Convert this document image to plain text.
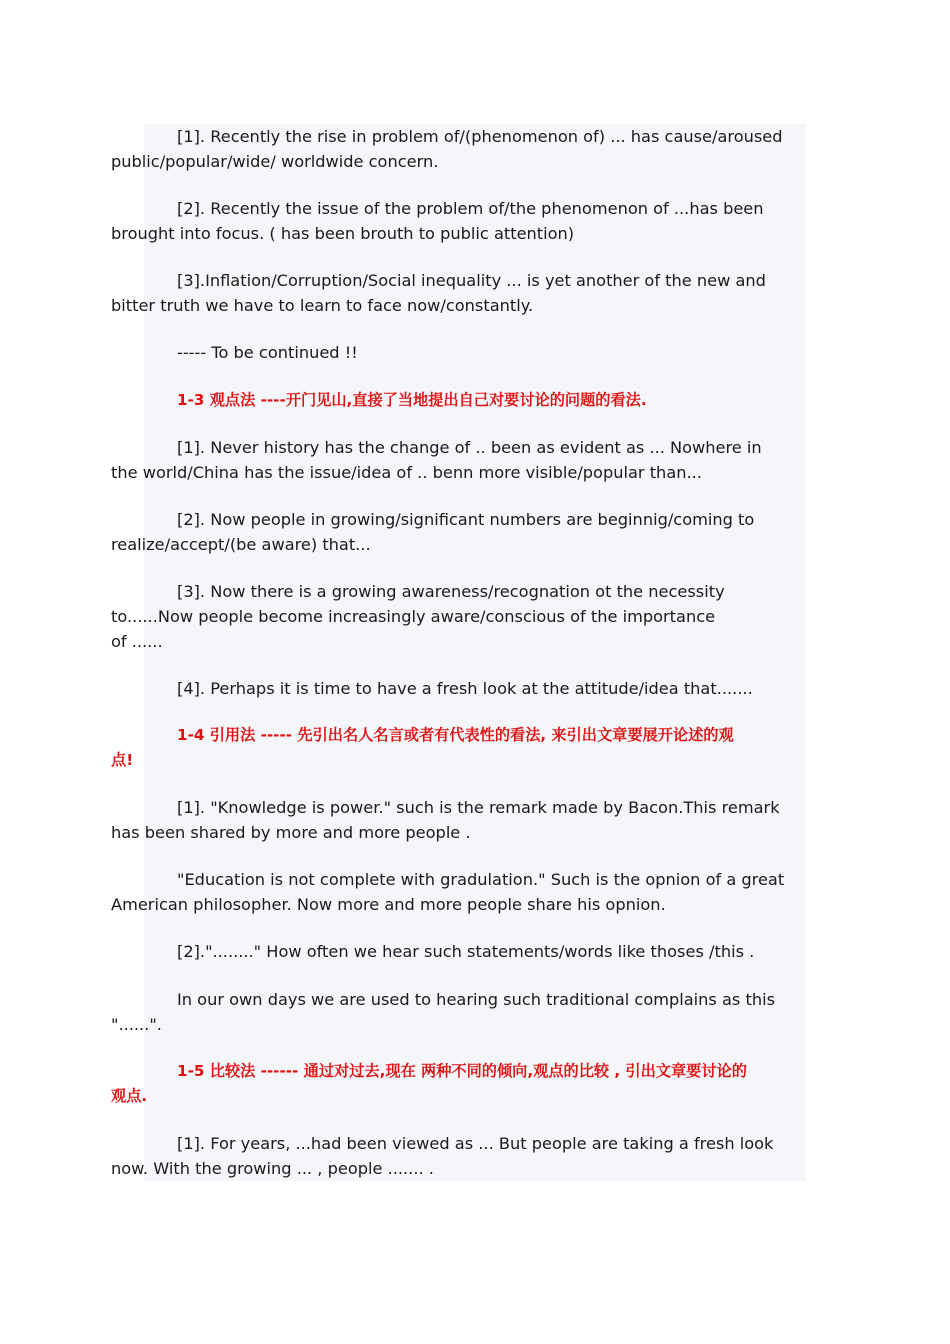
[1]. Recently the rise in problem of/(phenomenon of) ... has cause/aroused
public/popular/wide/ worldwide concern.

[2]. Recently the issue of the problem of/the phenomenon of ...has been
brought into focus. ( has been brouth to public attention)

[3].Inflation/Corruption/Social inequality ... is yet another of the new and
bitter truth we have to learn to face now/constantly.

----- To be continued !!

1-3 观点法 ----开门见山,直接了当地提出自己对要讨论的问题的看法.

[1]. Never history has the change of .. been as evident as ... Nowhere in
the world/China has the issue/idea of .. benn more visible/popular than...

[2]. Now people in growing/significant numbers are beginnig/coming to
realize/accept/(be aware) that...

[3]. Now there is a growing awareness/recognation ot the necessity
to......Now people become increasingly aware/conscious of the importance
of ......

[4]. Perhaps it is time to have a fresh look at the attitude/idea that.......

1-4 引用法 ----- 先引出名人名言或者有代表性的看法, 来引出文章要展开论述的观
点!

[1]. "Knowledge is power." such is the remark made by Bacon.This remark
has been shared by more and more people .

"Education is not complete with gradulation." Such is the opnion of a great
American philosopher. Now more and more people share his opnion.

[2]."........" How often we hear such statements/words like thoses /this .

In our own days we are used to hearing such traditional complains as this
"......".

1-5 比较法 ------ 通过对过去,现在 两种不同的倾向,观点的比较 , 引出文章要讨论的
观点.

[1]. For years, ...had been viewed as ... But people are taking a fresh look
now. With the growing ... , people ....... .
